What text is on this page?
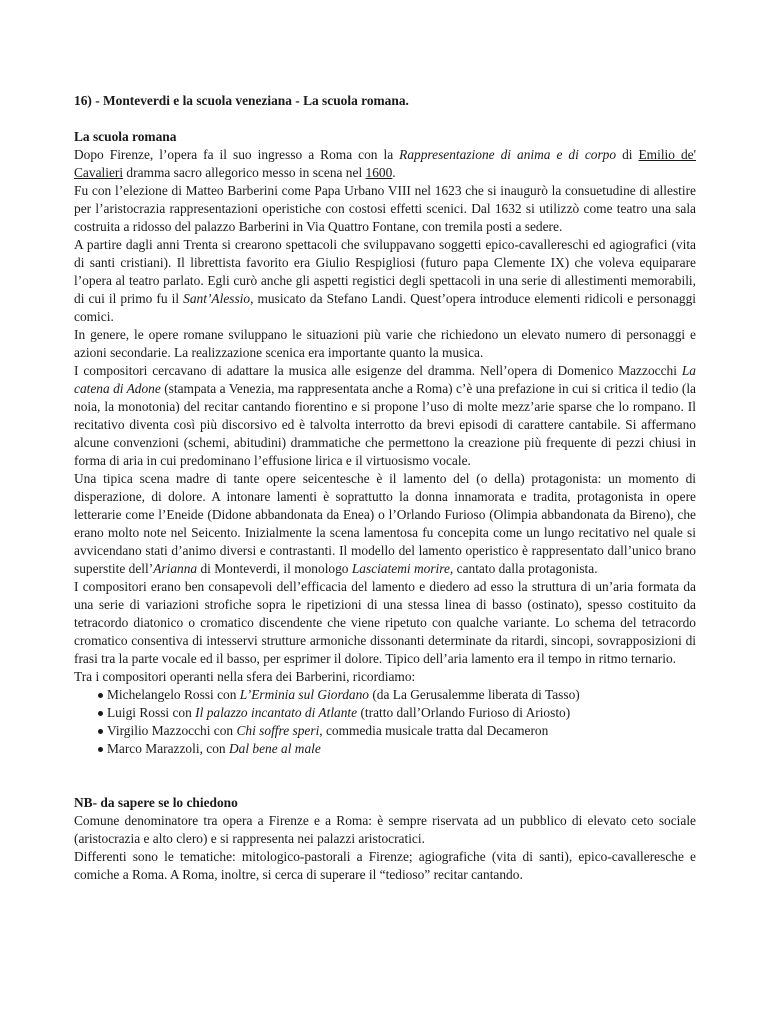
16) - Monteverdi e la scuola veneziana - La scuola romana.

La scuola romana

Dopo Firenze, l’opera fa il suo ingresso a Roma con la Rappresentazione di anima e di corpo di Emilio de' Cavalieri dramma sacro allegorico messo in scena nel 1600.

Fu con l’elezione di Matteo Barberini come Papa Urbano VIII nel 1623 che si inaugurò la consuetudine di allestire per l’aristocrazia rappresentazioni operistiche con costosi effetti scenici. Dal 1632 si utilizzò come teatro una sala costruita a ridosso del palazzo Barberini in Via Quattro Fontane, con tremila posti a sedere.

A partire dagli anni Trenta si crearono spettacoli che sviluppavano soggetti epico-cavallereschi ed agiografici (vita di santi cristiani). Il librettista favorito era Giulio Respigliosi (futuro papa Clemente IX) che voleva equiparare l’opera al teatro parlato. Egli curò anche gli aspetti registici degli spettacoli in una serie di allestimenti memorabili, di cui il primo fu il Sant’Alessio, musicato da Stefano Landi. Quest’opera introduce elementi ridicoli e personaggi comici.

In genere, le opere romane sviluppano le situazioni più varie che richiedono un elevato numero di personaggi e azioni secondarie. La realizzazione scenica era importante quanto la musica.

I compositori cercavano di adattare la musica alle esigenze del dramma. Nell’opera di Domenico Mazzocchi La catena di Adone (stampata a Venezia, ma rappresentata anche a Roma) c’è una prefazione in cui si critica il tedio (la noia, la monotonia) del recitar cantando fiorentino e si propone l’uso di molte mezz’arie sparse che lo rompano. Il recitativo diventa così più discorsivo ed è talvolta interrotto da brevi episodi di carattere cantabile. Si affermano alcune convenzioni (schemi, abitudini) drammatiche che permettono la creazione più frequente di pezzi chiusi in forma di aria in cui predominano l’effusione lirica e il virtuosismo vocale.

Una tipica scena madre di tante opere seicentesche è il lamento del (o della) protagonista: un momento di disperazione, di dolore. A intonare lamenti è soprattutto la donna innamorata e tradita, protagonista in opere letterarie come l’Eneide (Didone abbandonata da Enea) o l’Orlando Furioso (Olimpia abbandonata da Bireno), che erano molto note nel Seicento. Inizialmente la scena lamentosa fu concepita come un lungo recitativo nel quale si avvicendano stati d’animo diversi e contrastanti. Il modello del lamento operistico è rappresentato dall’unico brano superstite dell’Arianna di Monteverdi, il monologo Lasciatemi morire, cantato dalla protagonista.

I compositori erano ben consapevoli dell’efficacia del lamento e diedero ad esso la struttura di un’aria formata da una serie di variazioni strofiche sopra le ripetizioni di una stessa linea di basso (ostinato), spesso costituito da tetracordo diatonico o cromatico discendente che viene ripetuto con qualche variante. Lo schema del tetracordo cromatico consentiva di intesservi strutture armoniche dissonanti determinate da ritardi, sincopi, sovrapposizioni di frasi tra la parte vocale ed il basso, per esprimer il dolore. Tipico dell’aria lamento era il tempo in ritmo ternario.

Tra i compositori operanti nella sfera dei Barberini, ricordiamo:

Michelangelo Rossi con L’Erminia sul Giordano (da La Gerusalemme liberata di Tasso)
Luigi Rossi con Il palazzo incantato di Atlante (tratto dall’Orlando Furioso di Ariosto)
Virgilio Mazzocchi con Chi soffre speri, commedia musicale tratta dal Decameron
Marco Marazzoli, con Dal bene al male

NB- da sapere se lo chiedono

Comune denominatore tra opera a Firenze e a Roma: è sempre riservata ad un pubblico di elevato ceto sociale (aristocrazia e alto clero) e si rappresenta nei palazzi aristocratici.

Differenti sono le tematiche: mitologico-pastorali a Firenze; agiografiche (vita di santi), epico-cavalleresche e comiche a Roma. A Roma, inoltre, si cerca di superare il “tedioso” recitar cantando.
